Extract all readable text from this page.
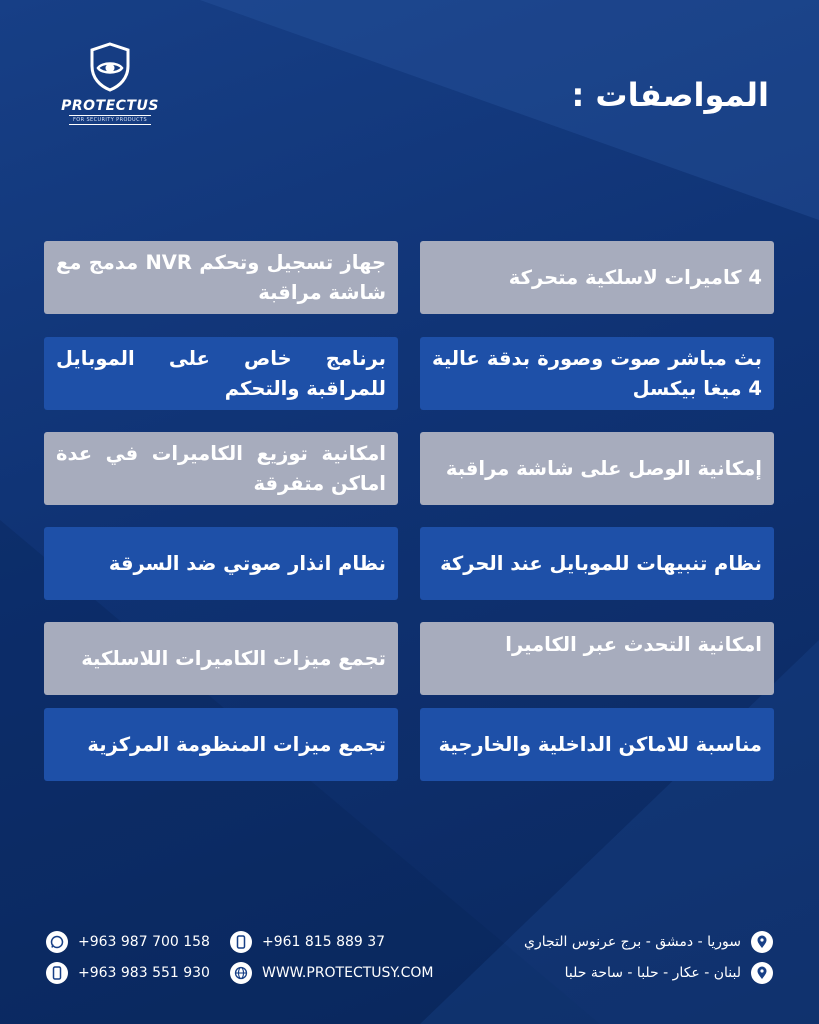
PROTECTUS
FOR SECURITY PRODUCTS
المواصفات :
4 كاميرات لاسلكية متحركة
بث مباشر صوت وصورة بدقة عالية 4 ميغا بيكسل
إمكانية الوصل على شاشة مراقبة
نظام تنبيهات للموبايل عند الحركة
امكانية التحدث عبر الكاميرا
مناسبة للاماكن الداخلية والخارجية
جهاز تسجيل وتحكم NVR مدمج مع شاشة مراقبة
برنامج خاص على الموبايل للمراقبة والتحكم
امكانية توزيع الكاميرات في عدة اماكن متفرقة
نظام انذار صوتي ضد السرقة
تجمع ميزات الكاميرات اللاسلكية
تجمع ميزات المنظومة المركزية
+963 987 700 158	+961 815 889 37
+963 983 551 930	WWW.PROTECTUSY.COM
سوريا - دمشق - برج عرنوس التجاري
لبنان - عكار - حلبا - ساحة حلبا
